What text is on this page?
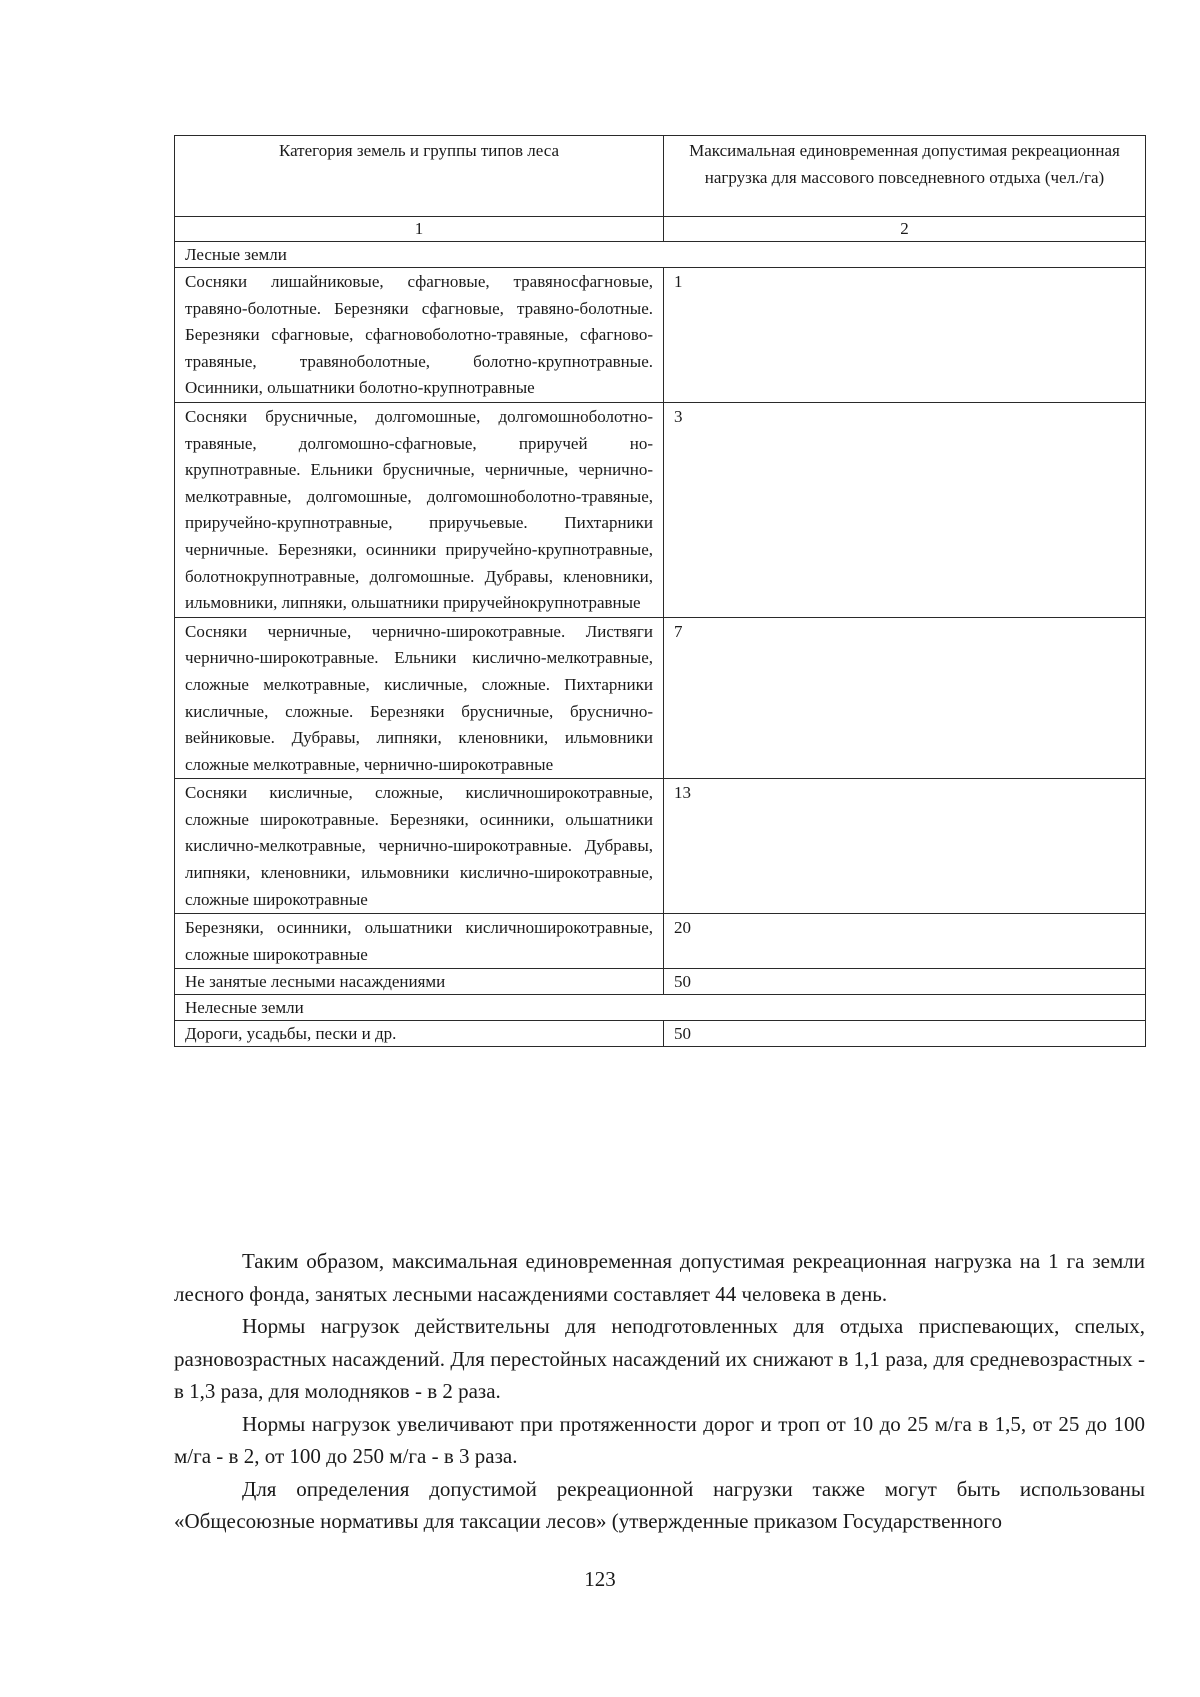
Категория земель и группы типов леса	Максимальная единовременная допустимая рекреационная нагрузка для массового повседневного отдыха (чел./га)
1	2
Лесные земли	
Сосняки лишайниковые, сфагновые, травяносфагновые, травяно-болотные. Березняки сфагновые, травяно-болотные. Березняки сфагновые, сфагновоболотно-травяные, сфагново-травяные, травяноболотные, болотно-крупнотравные. Осинники, ольшатники болотно-крупнотравные	1
Сосняки брусничные, долгомошные, долгомошноболотно-травяные, долгомошно-сфагновые, приручей но-крупнотравные. Ельники брусничные, черничные, чернично-мелкотравные, долгомошные, долгомошноболотно-травяные, приручейно-крупнотравные, приручьевые. Пихтарники черничные. Березняки, осинники приручейно-крупнотравные, болотнокрупнотравные, долгомошные. Дубравы, кленовники, ильмовники, липняки, ольшатники приручейнокрупнотравные	3
Сосняки черничные, чернично-широкотравные. Листвяги чернично-широкотравные. Ельники кислично-мелкотравные, сложные мелкотравные, кисличные, сложные. Пихтарники кисличные, сложные. Березняки брусничные, бруснично-вейниковые. Дубравы, липняки, кленовники, ильмовники сложные мелкотравные, чернично-широкотравные	7
Сосняки кисличные, сложные, кисличноширокотравные, сложные широкотравные. Березняки, осинники, ольшатники кислично-мелкотравные, чернично-широкотравные. Дубравы, липняки, кленовники, ильмовники кислично-широкотравные, сложные широкотравные	13
Березняки, осинники, ольшатники кисличноширокотравные, сложные широкотравные	20
Не занятые лесными насаждениями	50
Нелесные земли	
Дороги, усадьбы, пески и др.	50

Таким образом, максимальная единовременная допустимая рекреационная нагрузка на 1 га земли лесного фонда, занятых лесными насаждениями составляет 44 человека в день.

Нормы нагрузок действительны для неподготовленных для отдыха приспевающих, спелых, разновозрастных насаждений. Для перестойных насаждений их снижают в 1,1 раза, для средневозрастных - в 1,3 раза, для молодняков - в 2 раза.

Нормы нагрузок увеличивают при протяженности дорог и троп от 10 до 25 м/га в 1,5, от 25 до 100 м/га - в 2, от 100 до 250 м/га - в 3 раза.

Для определения допустимой рекреационной нагрузки также могут быть использованы «Общесоюзные нормативы для таксации лесов» (утвержденные приказом Государственного

123
